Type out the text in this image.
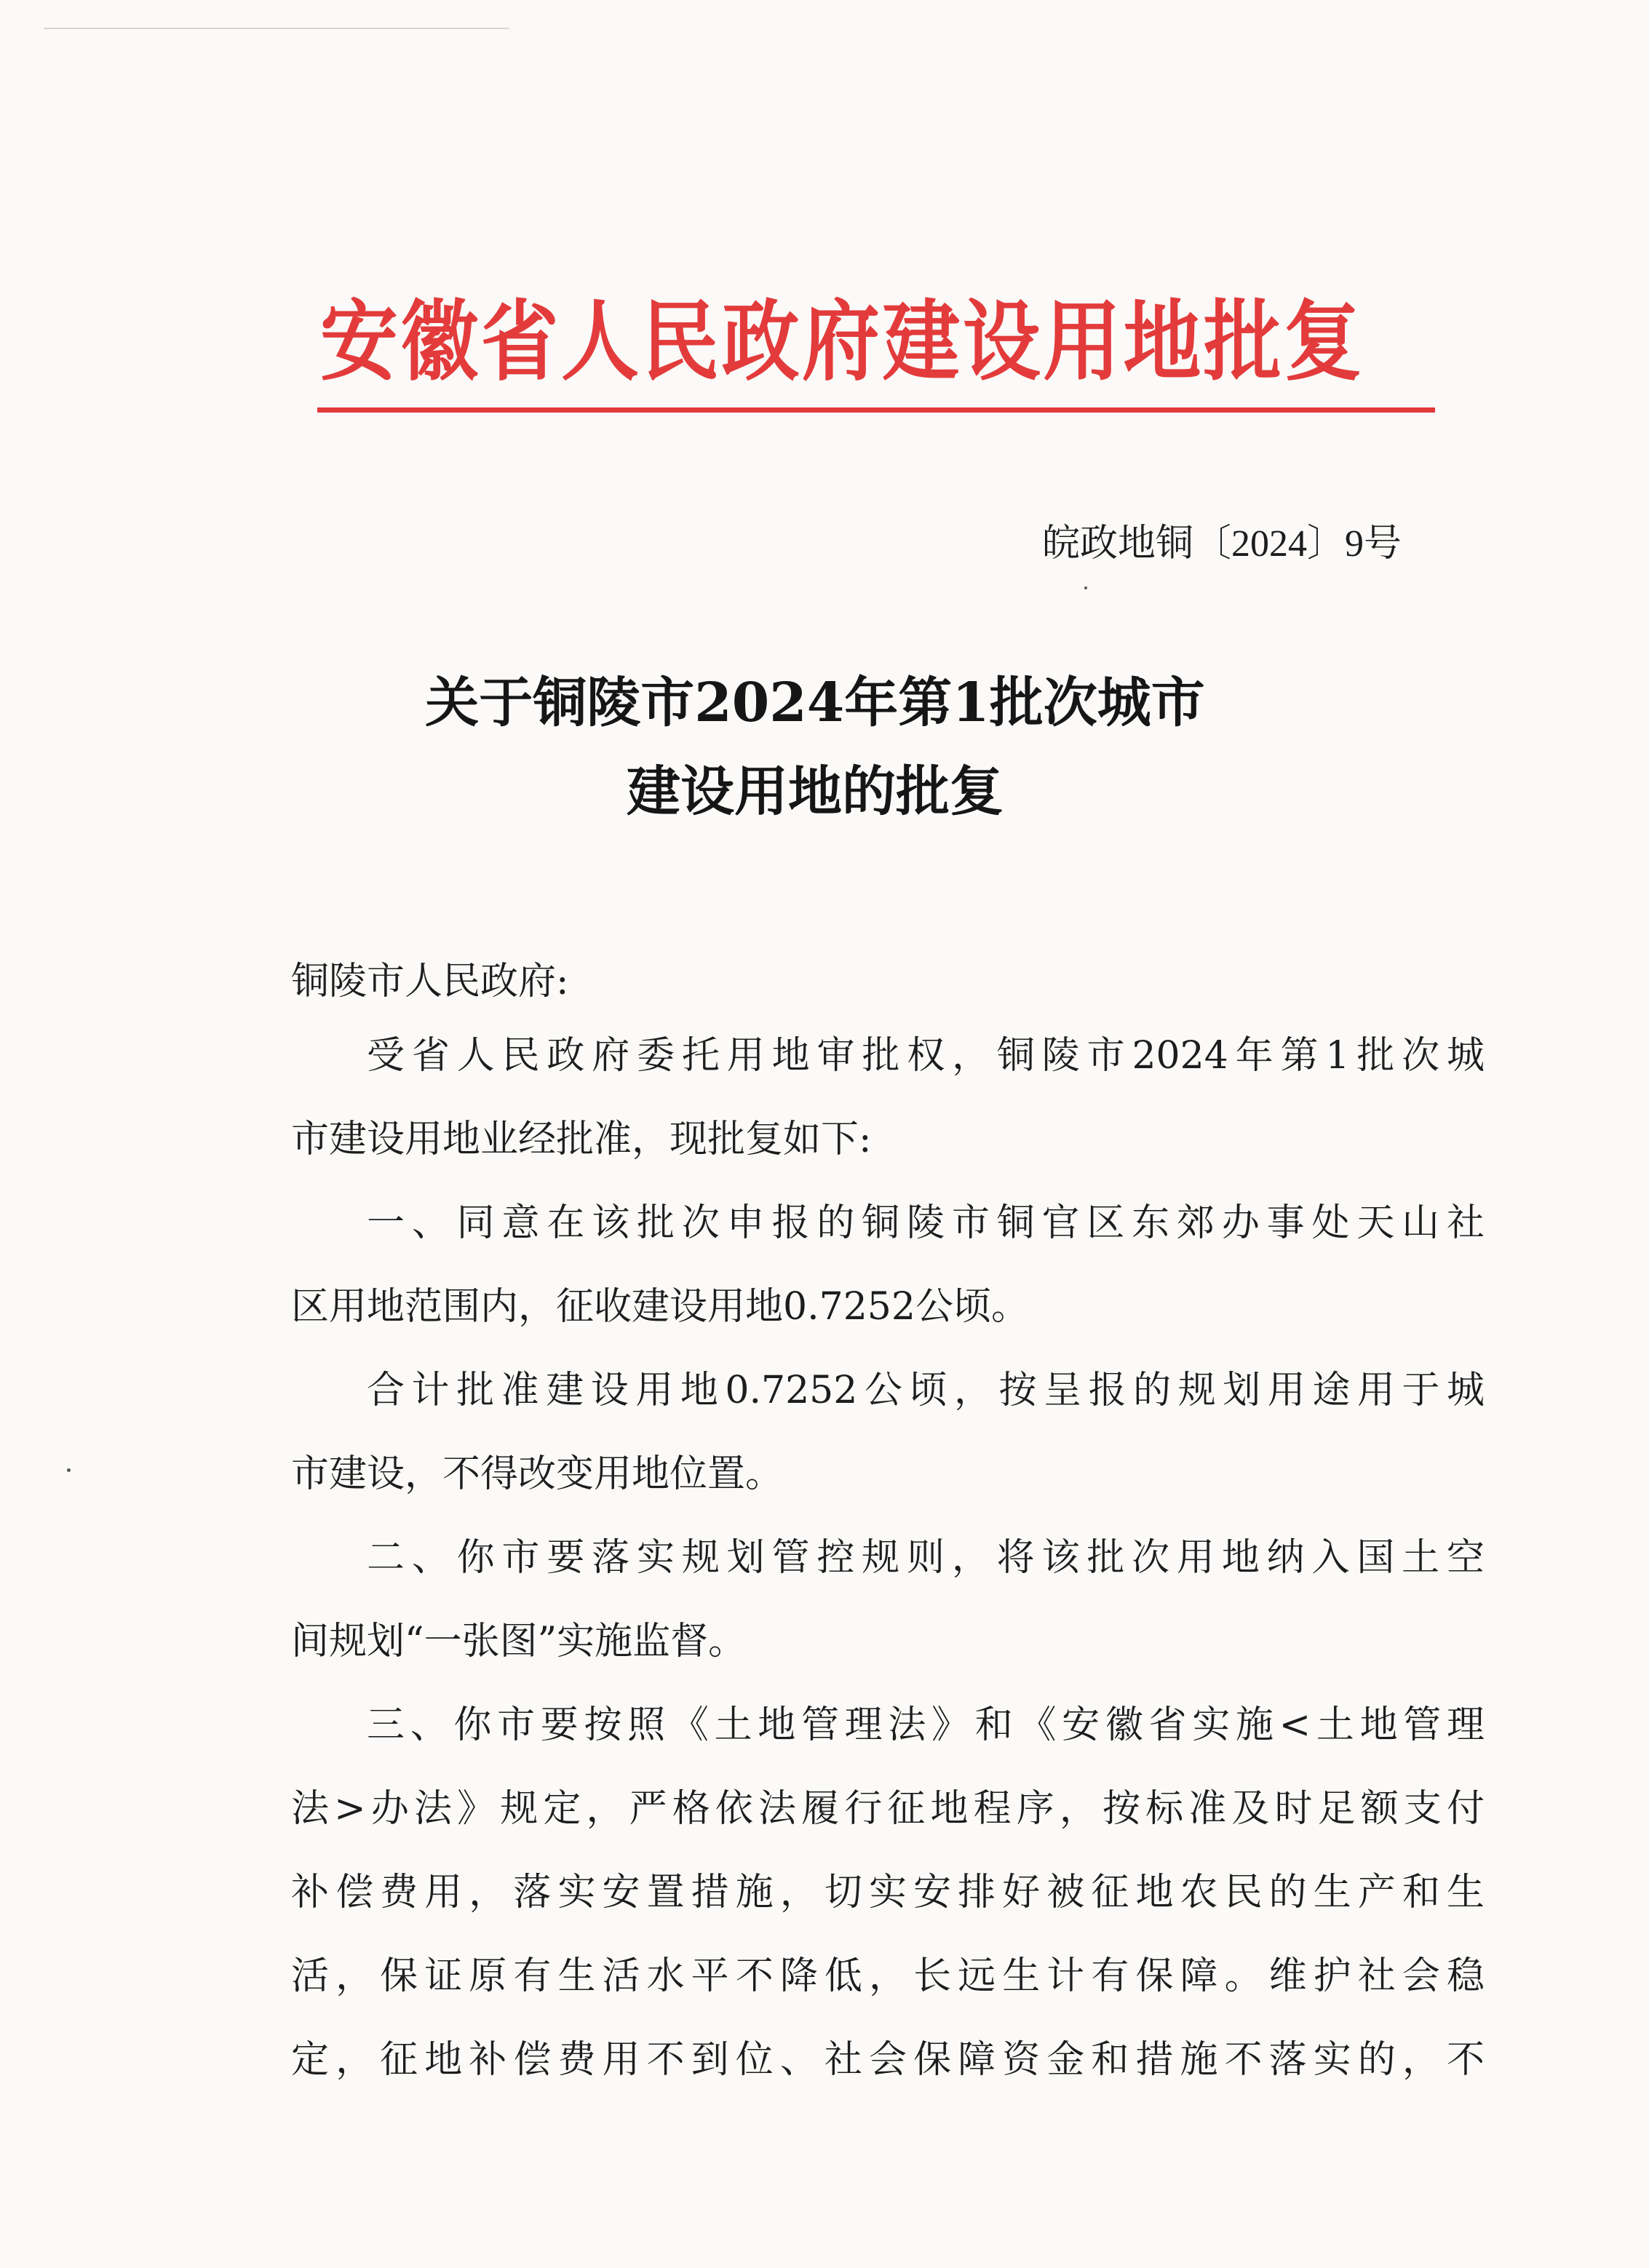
安徽省人民政府建设用地批复
皖政地铜〔2024〕9号
关于铜陵市2024年第1批次城市
建设用地的批复
铜陵市人民政府:

受省人民政府委托用地审批权，铜陵市2024年第1批次城
市建设用地业经批准，现批复如下:

一、同意在该批次申报的铜陵市铜官区东郊办事处天山社
区用地范围内，征收建设用地0.7252公顷。

合计批准建设用地0.7252公顷，按呈报的规划用途用于城
市建设，不得改变用地位置。

二、你市要落实规划管控规则，将该批次用地纳入国土空
间规划“一张图”实施监督。

三、你市要按照《土地管理法》和《安徽省实施<土地管理
法>办法》规定，严格依法履行征地程序，按标准及时足额支付
补偿费用，落实安置措施，切实安排好被征地农民的生产和生
活，保证原有生活水平不降低，长远生计有保障。维护社会稳
定，征地补偿费用不到位、社会保障资金和措施不落实的，不
